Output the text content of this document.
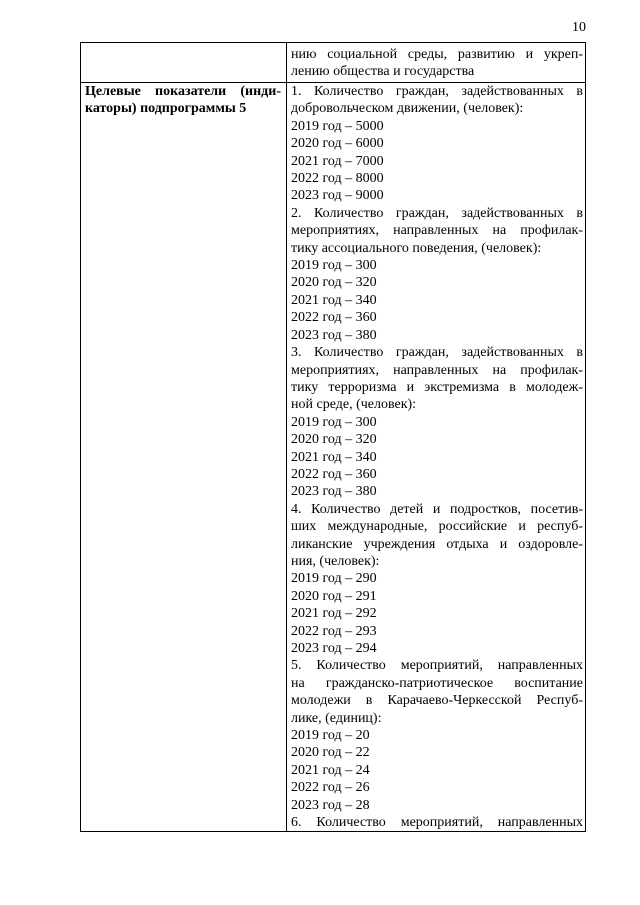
10
нию социальной среды, развитию и укреп-
лению общества и государства
Целевые показатели (инди-
каторы) подпрограммы 5
1. Количество граждан, задействованных в
добровольческом движении, (человек):
2019 год – 5000
2020 год – 6000
2021 год – 7000
2022 год – 8000
2023 год – 9000
2. Количество граждан, задействованных в
мероприятиях, направленных на профилак-
тику ассоциального поведения, (человек):
2019 год – 300
2020 год – 320
2021 год – 340
2022 год – 360
2023 год – 380
3. Количество граждан, задействованных в
мероприятиях, направленных на профилак-
тику терроризма и экстремизма в молодеж-
ной среде, (человек):
2019 год – 300
2020 год – 320
2021 год – 340
2022 год – 360
2023 год – 380
4. Количество детей и подростков, посетив-
ших международные, российские и респуб-
ликанские учреждения отдыха и оздоровле-
ния, (человек):
2019 год – 290
2020 год – 291
2021 год – 292
2022 год – 293
2023 год – 294
5. Количество мероприятий, направленных
на гражданско-патриотическое воспитание
молодежи в Карачаево-Черкесской Респуб-
лике, (единиц):
2019 год – 20
2020 год – 22
2021 год – 24
2022 год – 26
2023 год – 28
6. Количество мероприятий, направленных
